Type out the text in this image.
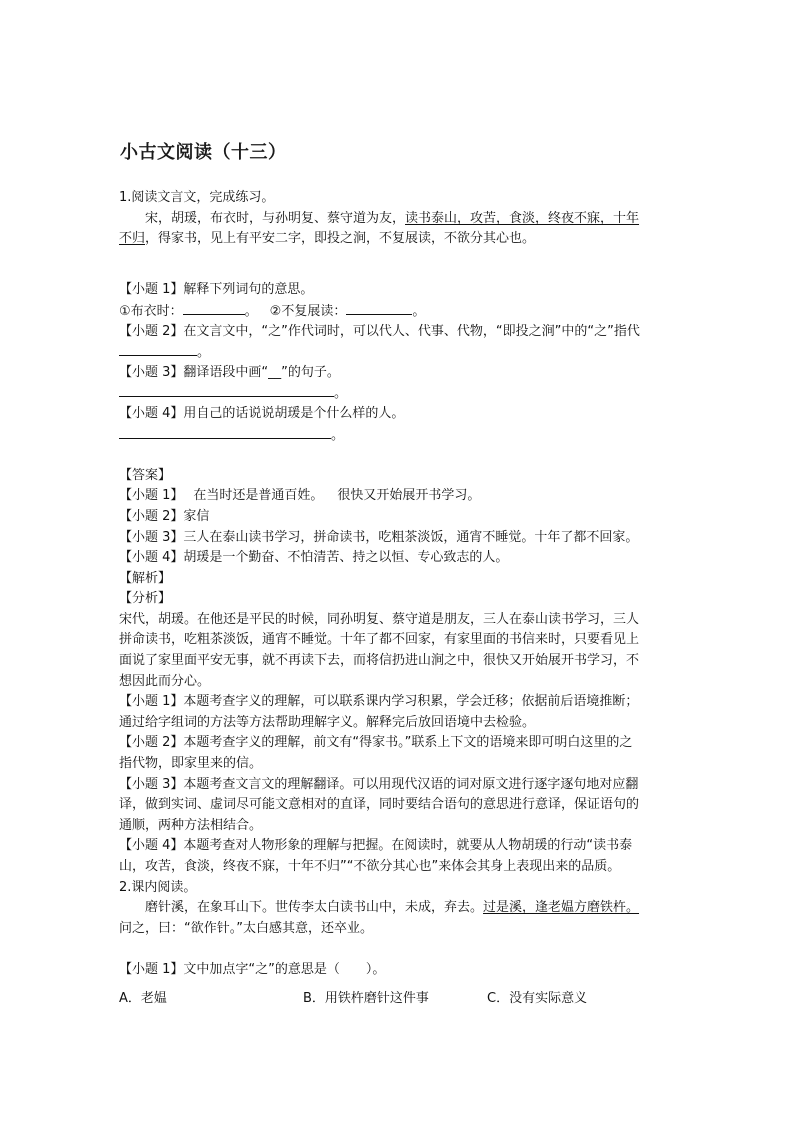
小古文阅读（十三）
1.阅读文言文，完成练习。
宋，胡瑗，布衣时，与孙明复、蔡守道为友，读书泰山，攻苦，食淡，终夜不寐，十年
不归，得家书，见上有平安二字，即投之涧，不复展读，不欲分其心也。
【小题 1】解释下列词句的意思。
①布衣时：	。 ②不复展读：	。
【小题 2】在文言文中，“之”作代词时，可以代人、代事、代物，“即投之涧”中的“之”指代
。
【小题 3】翻译语段中画“__”的句子。
。
【小题 4】用自己的话说说胡瑗是个什么样的人。
。
【答案】
【小题 1】 在当时还是普通百姓。 很快又开始展开书学习。
【小题 2】家信
【小题 3】三人在泰山读书学习，拼命读书，吃粗茶淡饭，通宵不睡觉。十年了都不回家。
【小题 4】胡瑗是一个勤奋、不怕清苦、持之以恒、专心致志的人。
【解析】
【分析】
宋代，胡瑗。在他还是平民的时候，同孙明复、蔡守道是朋友，三人在泰山读书学习，三人
拼命读书，吃粗茶淡饭，通宵不睡觉。十年了都不回家，有家里面的书信来时，只要看见上
面说了家里面平安无事，就不再读下去，而将信扔进山涧之中，很快又开始展开书学习，不
想因此而分心。
【小题 1】本题考查字义的理解，可以联系课内学习积累，学会迁移；依据前后语境推断；
通过给字组词的方法等方法帮助理解字义。解释完后放回语境中去检验。
【小题 2】本题考查字义的理解，前文有“得家书。”联系上下文的语境来即可明白这里的之
指代物，即家里来的信。
【小题 3】本题考查文言文的理解翻译。可以用现代汉语的词对原文进行逐字逐句地对应翻
译，做到实词、虚词尽可能文意相对的直译，同时要结合语句的意思进行意译，保证语句的
通顺，两种方法相结合。
【小题 4】本题考查对人物形象的理解与把握。在阅读时，就要从人物胡瑗的行动“读书泰
山，攻苦，食淡，终夜不寐，十年不归”“不欲分其心也”来体会其身上表现出来的品质。
2.课内阅读。
磨针溪，在象耳山下。世传李太白读书山中，未成，弃去。过是溪，逢老媪方磨铁杵。
问之，曰：“欲作针。”太白感其意，还卒业。
【小题 1】文中加点字“之”的意思是（　　）。
A．老媪	B．用铁杵磨针这件事	C．没有实际意义
